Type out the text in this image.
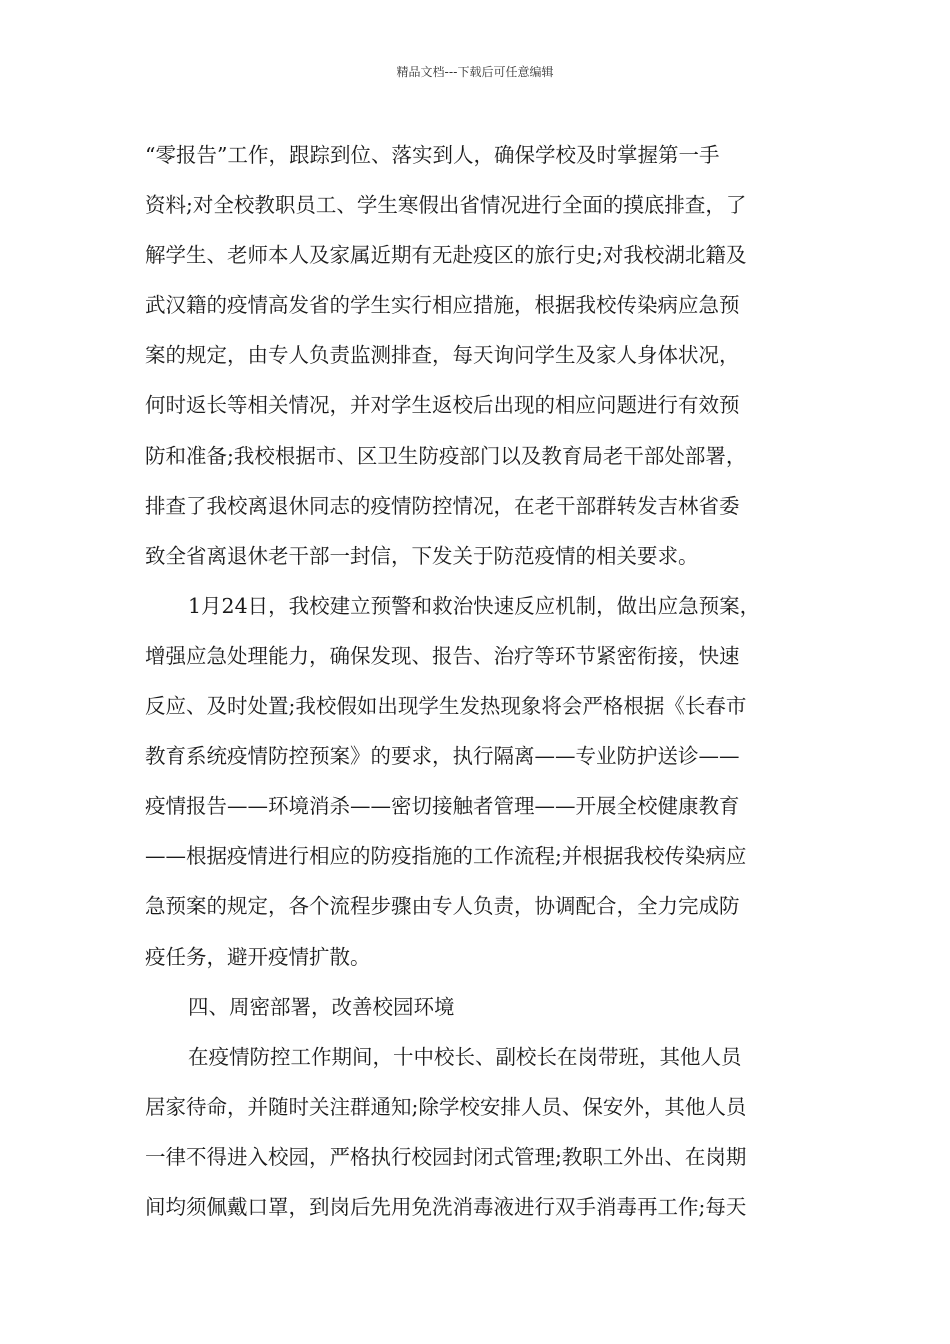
精品文档---下载后可任意编辑
“零报告”工作，跟踪到位、落实到人，确保学校及时掌握第一手
资料;对全校教职员工、学生寒假出省情况进行全面的摸底排查，了
解学生、老师本人及家属近期有无赴疫区的旅行史;对我校湖北籍及
武汉籍的疫情高发省的学生实行相应措施，根据我校传染病应急预
案的规定，由专人负责监测排查，每天询问学生及家人身体状况，
何时返长等相关情况，并对学生返校后出现的相应问题进行有效预
防和准备;我校根据市、区卫生防疫部门以及教育局老干部处部署，
排查了我校离退休同志的疫情防控情况，在老干部群转发吉林省委
致全省离退休老干部一封信，下发关于防范疫情的相关要求。
1月24日，我校建立预警和救治快速反应机制，做出应急预案，
增强应急处理能力，确保发现、报告、治疗等环节紧密衔接，快速
反应、及时处置;我校假如出现学生发热现象将会严格根据《长春市
教育系统疫情防控预案》的要求，执行隔离——专业防护送诊——
疫情报告——环境消杀——密切接触者管理——开展全校健康教育
——根据疫情进行相应的防疫指施的工作流程;并根据我校传染病应
急预案的规定，各个流程步骤由专人负责，协调配合，全力完成防
疫任务，避开疫情扩散。
四、周密部署，改善校园环境
在疫情防控工作期间，十中校长、副校长在岗带班，其他人员
居家待命，并随时关注群通知;除学校安排人员、保安外，其他人员
一律不得进入校园，严格执行校园封闭式管理;教职工外出、在岗期
间均须佩戴口罩，到岗后先用免洗消毒液进行双手消毒再工作;每天
